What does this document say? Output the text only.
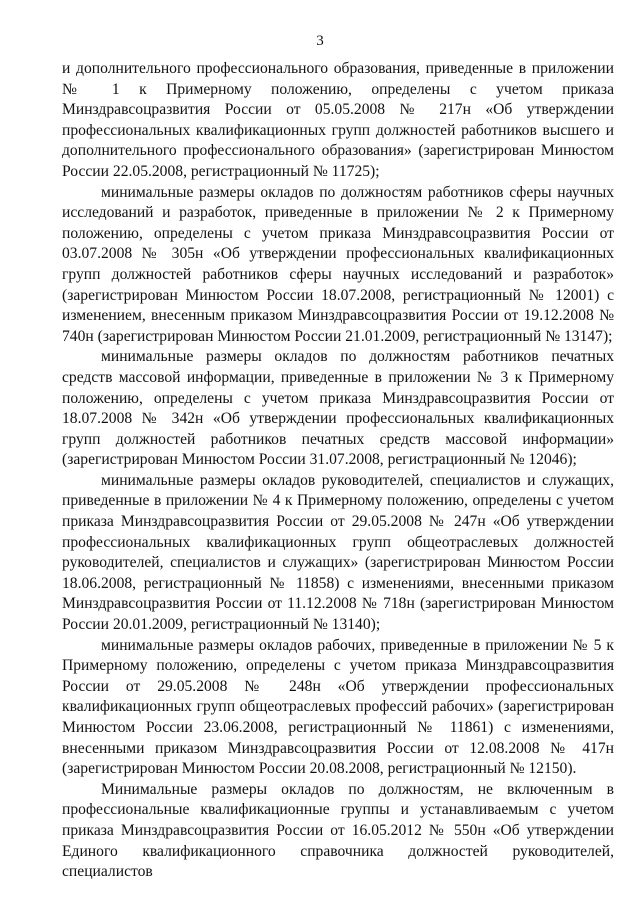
3

и дополнительного профессионального образования, приведенные в приложении № 1 к Примерному положению, определены с учетом приказа Минздравсоцразвития России от 05.05.2008 № 217н «Об утверждении профессиональных квалификационных групп должностей работников высшего и дополнительного профессионального образования» (зарегистрирован Минюстом России 22.05.2008, регистрационный № 11725);

минимальные размеры окладов по должностям работников сферы научных исследований и разработок, приведенные в приложении № 2 к Примерному положению, определены с учетом приказа Минздравсоцразвития России от 03.07.2008 № 305н «Об утверждении профессиональных квалификационных групп должностей работников сферы научных исследований и разработок» (зарегистрирован Минюстом России 18.07.2008, регистрационный № 12001) с изменением, внесенным приказом Минздравсоцразвития России от 19.12.2008 № 740н (зарегистрирован Минюстом России 21.01.2009, регистрационный № 13147);

минимальные размеры окладов по должностям работников печатных средств массовой информации, приведенные в приложении № 3 к Примерному положению, определены с учетом приказа Минздравсоцразвития России от 18.07.2008 № 342н «Об утверждении профессиональных квалификационных групп должностей работников печатных средств массовой информации» (зарегистрирован Минюстом России 31.07.2008, регистрационный № 12046);

минимальные размеры окладов руководителей, специалистов и служащих, приведенные в приложении № 4 к Примерному положению, определены с учетом приказа Минздравсоцразвития России от 29.05.2008 № 247н «Об утверждении профессиональных квалификационных групп общеотраслевых должностей руководителей, специалистов и служащих» (зарегистрирован Минюстом России 18.06.2008, регистрационный № 11858) с изменениями, внесенными приказом Минздравсоцразвития России от 11.12.2008 № 718н (зарегистрирован Минюстом России 20.01.2009, регистрационный № 13140);

минимальные размеры окладов рабочих, приведенные в приложении № 5 к Примерному положению, определены с учетом приказа Минздравсоцразвития России от 29.05.2008 № 248н «Об утверждении профессиональных квалификационных групп общеотраслевых профессий рабочих» (зарегистрирован Минюстом России 23.06.2008, регистрационный № 11861) с изменениями, внесенными приказом Минздравсоцразвития России от 12.08.2008 № 417н (зарегистрирован Минюстом России 20.08.2008, регистрационный № 12150).

Минимальные размеры окладов по должностям, не включенным в профессиональные квалификационные группы и устанавливаемым с учетом приказа Минздравсоцразвития России от 16.05.2012 № 550н «Об утверждении Единого квалификационного справочника должностей руководителей, специалистов
